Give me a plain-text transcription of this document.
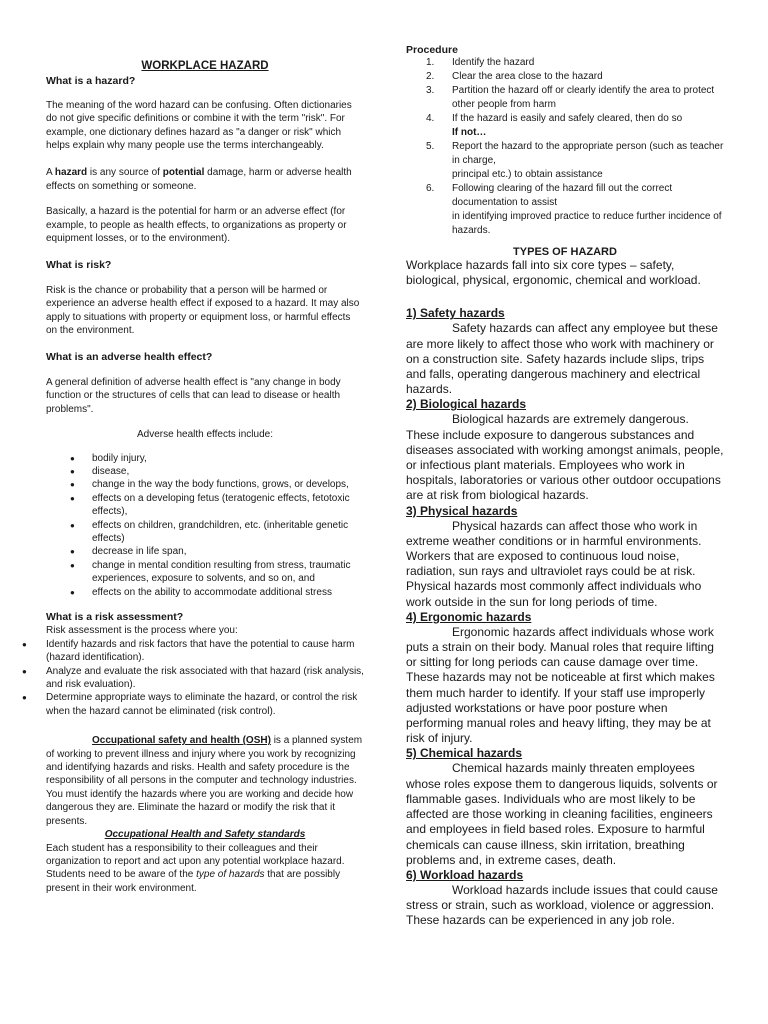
WORKPLACE HAZARD

What is a hazard?

The meaning of the word hazard can be confusing. Often dictionaries do not give specific definitions or combine it with the term "risk". For example, one dictionary defines hazard as "a danger or risk" which helps explain why many people use the terms interchangeably.

A hazard is any source of potential damage, harm or adverse health effects on something or someone.

Basically, a hazard is the potential for harm or an adverse effect (for example, to people as health effects, to organizations as property or equipment losses, or to the environment).

What is risk?

Risk is the chance or probability that a person will be harmed or experience an adverse health effect if exposed to a hazard. It may also apply to situations with property or equipment loss, or harmful effects on the environment.

What is an adverse health effect?

A general definition of adverse health effect is "any change in body function or the structures of cells that can lead to disease or health problems".

Adverse health effects include:

● bodily injury,
● disease,
● change in the way the body functions, grows, or develops,
● effects on a developing fetus (teratogenic effects, fetotoxic effects),
● effects on children, grandchildren, etc. (inheritable genetic effects)
● decrease in life span,
● change in mental condition resulting from stress, traumatic experiences, exposure to solvents, and so on, and
● effects on the ability to accommodate additional stress

What is a risk assessment?

Risk assessment is the process where you:

● Identify hazards and risk factors that have the potential to cause harm (hazard identification).
● Analyze and evaluate the risk associated with that hazard (risk analysis, and risk evaluation).
● Determine appropriate ways to eliminate the hazard, or control the risk when the hazard cannot be eliminated (risk control).

Occupational safety and health (OSH) is a planned system of working to prevent illness and injury where you work by recognizing and identifying hazards and risks. Health and safety procedure is the responsibility of all persons in the computer and technology industries. You must identify the hazards where you are working and decide how dangerous they are. Eliminate the hazard or modify the risk that it presents.

Occupational Health and Safety standards

Each student has a responsibility to their colleagues and their organization to report and act upon any potential workplace hazard. Students need to be aware of the type of hazards that are possibly present in their work environment.

Procedure

1. Identify the hazard
2. Clear the area close to the hazard
3. Partition the hazard off or clearly identify the area to protect other people from harm
4. If the hazard is easily and safely cleared, then do so

If not…

5. Report the hazard to the appropriate person (such as teacher in charge,

principal etc.) to obtain assistance

6. Following clearing of the hazard fill out the correct documentation to assist

in identifying improved practice to reduce further incidence of hazards.

TYPES OF HAZARD

Workplace hazards fall into six core types – safety, biological, physical, ergonomic, chemical and workload.

1) Safety hazards

Safety hazards can affect any employee but these are more likely to affect those who work with machinery or on a construction site. Safety hazards include slips, trips and falls, operating dangerous machinery and electrical hazards.

2) Biological hazards

Biological hazards are extremely dangerous. These include exposure to dangerous substances and diseases associated with working amongst animals, people, or infectious plant materials. Employees who work in hospitals, laboratories or various other outdoor occupations are at risk from biological hazards.

3) Physical hazards

Physical hazards can affect those who work in extreme weather conditions or in harmful environments. Workers that are exposed to continuous loud noise, radiation, sun rays and ultraviolet rays could be at risk. Physical hazards most commonly affect individuals who work outside in the sun for long periods of time.

4) Ergonomic hazards

Ergonomic hazards affect individuals whose work puts a strain on their body. Manual roles that require lifting or sitting for long periods can cause damage over time. These hazards may not be noticeable at first which makes them much harder to identify. If your staff use improperly adjusted workstations or have poor posture when performing manual roles and heavy lifting, they may be at risk of injury.

5) Chemical hazards

Chemical hazards mainly threaten employees whose roles expose them to dangerous liquids, solvents or flammable gases. Individuals who are most likely to be affected are those working in cleaning facilities, engineers and employees in field based roles. Exposure to harmful chemicals can cause illness, skin irritation, breathing problems and, in extreme cases, death.

6) Workload hazards

Workload hazards include issues that could cause stress or strain, such as workload, violence or aggression. These hazards can be experienced in any job role.
